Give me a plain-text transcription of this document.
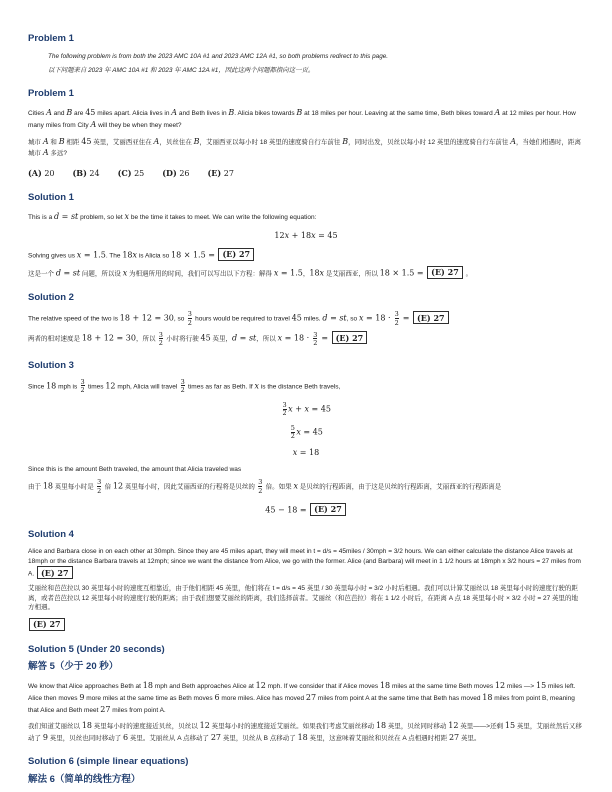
Problem 1
The following problem is from both the 2023 AMC 10A #1 and 2023 AMC 12A #1, so both problems redirect to this page.
以下问题来自 2023 年 AMC 10A #1 和 2023 年 AMC 12A #1，因此这两个问题都指向这一页。
Problem 1
Cities A and B are 45 miles apart. Alicia lives in A and Beth lives in B. Alicia bikes towards B at 18 miles per hour. Leaving at the same time, Beth bikes toward A at 12 miles per hour. How many miles from City A will they be when they meet?
城市 A 和 B 相距 45 英里，艾丽西亚住在 A，贝丝住在 B，艾丽西亚以每小时 18 英里的速度骑自行车前往 B，同时出发，贝丝以每小时 12 英里的速度骑自行车前往 A，当她们相遇时，距离城市 A 多远?
(A) 20 (B) 24 (C) 25 (D) 26 (E) 27
Solution 1
This is a d = st problem, so let x be the time it takes to meet. We can write the following equation:
12x + 18x = 45
Solving gives us x = 1.5. The 18x is Alicia so 18 × 1.5 = (E) 27
这是一个 d = st 问题，所以设 x 为相遇所用的时间，我们可以写出以下方程：解得 x = 1.5，18x 是艾丽西亚，所以 18 × 1.5 = (E) 27 。
Solution 2
The relative speed of the two is 18 + 12 = 30, so $\frac{3}{2}$ hours would be required to travel 45 miles. d = st, so $x = 18 \cdot \frac{3}{2} = (E)$ 27
两者的相对速度是 18 + 12 = 30，所以 $\frac{3}{2}$ 小时将行驶 45 英里，d = st，所以 $x = 18 \cdot \frac{3}{2} = (E)$ 27
Solution 3
Since 18 mph is $\frac{3}{2}$ times 12 mph, Alicia will travel $\frac{3}{2}$ times as far as Beth. If x is the distance Beth travels,
$\frac{3}{2}$ x + x = 45
$\frac{5}{2}$ x = 45
x = 18
Since this is the amount Beth traveled, the amount that Alicia traveled was
由于 18 英里每小时是 $\frac{3}{2}$ 倍 12 英里每小时，因此艾丽西亚的行程将是贝丝的 $\frac{3}{2}$ 倍。如果 x 是贝丝的行程距离，由于这是贝丝的行程距离，艾丽西亚的行程距离是
45 − 18 = (E) 27
Solution 4
Alice and Barbara close in on each other at 30mph. Since they are 45 miles apart, they will meet in t = d/s = 45miles / 30mph = 3/2 hours. We can either calculate the distance Alice travels at 18mph or the distance Barbara travels at 12mph; since we want the distance from Alice, we go with the former. Alice (and Barbara) will meet in 1 1/2 hours at 18mph x 3/2 hours = 27 miles from A. (E) 27
艾丽丝和芭芭拉以 30 英里每小时的速度互相靠近，由于他们相距 45 英里，他们将在 t = d/s = 45 英里 / 30 英里每小时 = 3/2 小时后相遇。我们可以计算艾丽丝以 18 英里每小时的速度行驶的距离，或者芭芭拉以 12 英里每小时的速度行驶的距离；由于我们想要艾丽丝的距离，我们选择前者。艾丽丝（和芭芭拉）将在 1 1/2 小时后，在距离 A 点 18 英里每小时 × 3/2 小时 = 27 英里的地方相遇。
(E) 27
Solution 5 (Under 20 seconds)
解答 5（少于 20 秒）
We know that Alice approaches Beth at 18 mph and Beth approaches Alice at 12 mph. If we consider that if Alice moves 18 miles at the same time Beth moves 12 miles —> 15 miles left. Alice then moves 9 more miles at the same time as Beth moves 6 more miles. Alice has moved 27 miles from point A at the same time that Beth has moved 18 miles from point B, meaning that Alice and Beth meet 27 miles from point A.
我们知道艾丽丝以 18 英里每小时的速度接近贝丝，贝丝以 12 英里每小时的速度接近艾丽丝。如果我们考虑艾丽丝移动 18 英里，贝丝同时移动 12 英里——>还剩 15 英里，艾丽丝然后又移动了 9 英里，贝丝也同时移动了 6 英里。艾丽丝从 A 点移动了 27 英里，贝丝从 B 点移动了 18 英里，这意味着艾丽丝和贝丝在 A 点相遇时相距 27 英里。
Solution 6 (simple linear equations)
解法 6（简单的线性方程）
